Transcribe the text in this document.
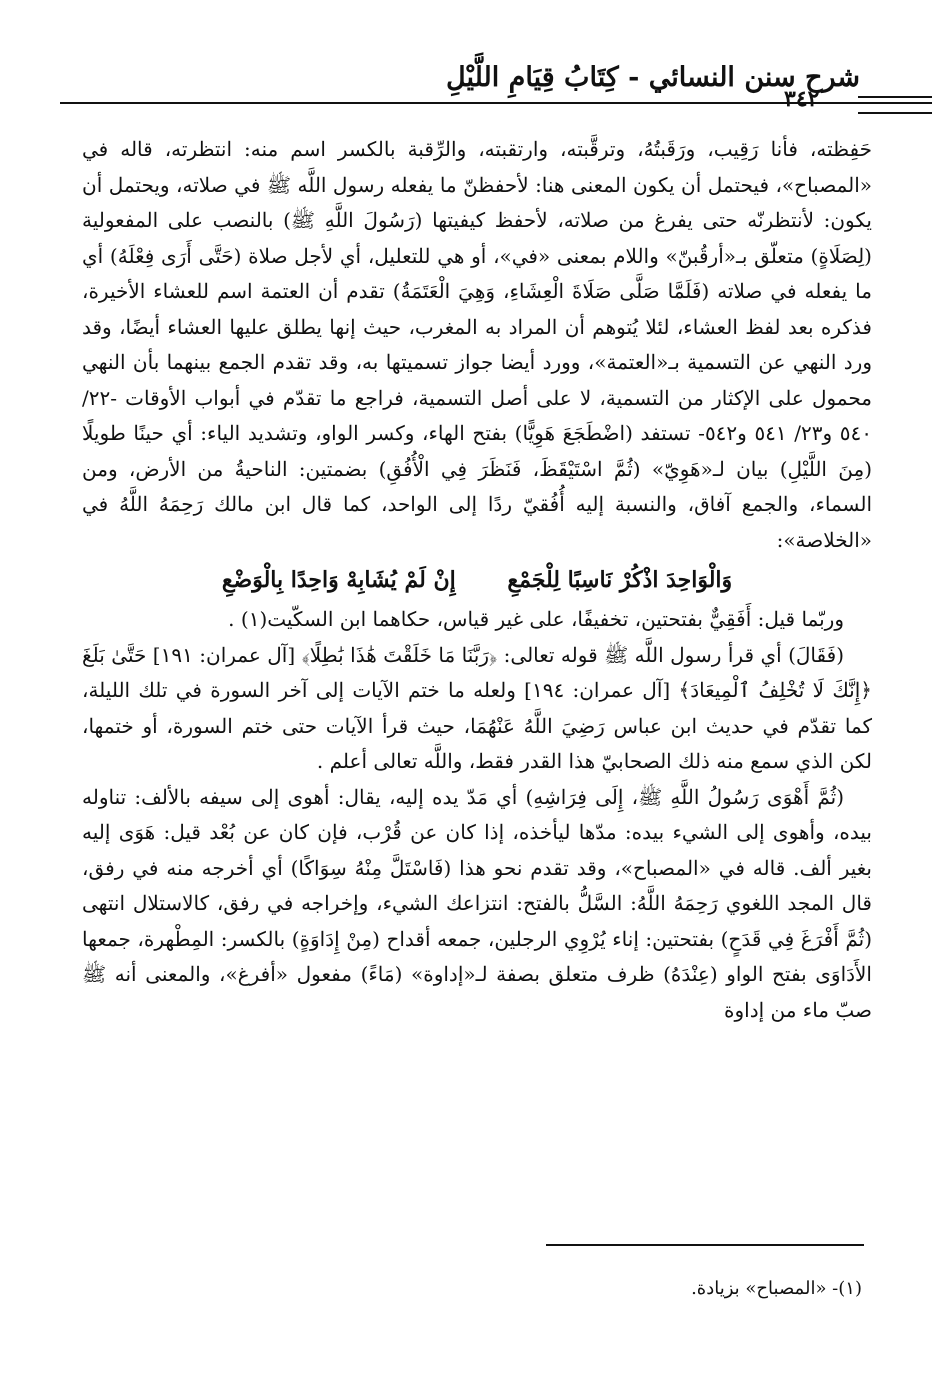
شرح سنن النسائي - كِتَابُ قِيَامِ اللَّيْلِ
٣٤٢

حَفِظته، فأنا رَقِيب، ورَقَبتُهُ، وترقَّبته، وارتقبته، والرِّقبة بالكسر اسم منه: انتظرته، قاله في «المصباح»، فيحتمل أن يكون المعنى هنا: لأحفظنّ ما يفعله رسول اللَّه ﷺ في صلاته، ويحتمل أن يكون: لأنتظرنّه حتى يفرغ من صلاته، لأحفظ كيفيتها (رَسُولَ اللَّهِ ﷺ) بالنصب على المفعولية (لِصَلَاةٍ) متعلّق بـ«أرقُبنّ» واللام بمعنى «في»، أو هي للتعليل، أي لأجل صلاة (حَتَّى أَرَى فِعْلَهُ) أي ما يفعله في صلاته (فَلَمَّا صَلَّى صَلَاةَ الْعِشَاءِ، وَهِيَ الْعَتَمَةُ) تقدم أن العتمة اسم للعشاء الأخيرة، فذكره بعد لفظ العشاء، لئلا يُتوهم أن المراد به المغرب، حيث إنها يطلق عليها العشاء أيضًا، وقد ورد النهي عن التسمية بـ«العتمة»، وورد أيضا جواز تسميتها به، وقد تقدم الجمع بينهما بأن النهي محمول على الإكثار من التسمية، لا على أصل التسمية، فراجع ما تقدّم في أبواب الأوقات -٢٢/ ٥٤٠ و٢٣/ ٥٤١ و٥٤٢- تستفد (اضْطَجَعَ هَوِيًّا) بفتح الهاء، وكسر الواو، وتشديد الياء: أي حينًا طويلًا (مِنَ اللَّيْلِ) بيان لـ«هَوِيّ» (ثُمَّ اسْتَيْقَظَ، فَنَظَرَ فِي الْأُفُقِ) بضمتين: الناحيةُ من الأرض، ومن السماء، والجمع آفاق، والنسبة إليه أُفُقيّ ردًا إلى الواحد، كما قال ابن مالك رَحِمَهُ اللَّهُ في «الخلاصة»:

وَالْوَاحِدَ اذْكُرْ نَاسِبًا لِلْجَمْعِ إِنْ لَمْ يُشَابِهْ وَاحِدًا بِالْوَضْعِ

وربّما قيل: أَفَقِيٌّ بفتحتين، تخفيفًا، على غير قياس، حكاهما ابن السكّيت(١) .

(فَقَالَ) أي قرأ رسول اللَّه ﷺ قوله تعالى: ﴿رَبَّنَا مَا خَلَقْتَ هَٰذَا بَٰطِلًا﴾ [آل عمران: ١٩١] حَتَّىٰ بَلَغَ ﴿إِنَّكَ لَا تُخْلِفُ ٱلْمِيعَادَ﴾ [آل عمران: ١٩٤] ولعله ما ختم الآيات إلى آخر السورة في تلك الليلة، كما تقدّم في حديث ابن عباس رَضِيَ اللَّهُ عَنْهُمَا، حيث قرأ الآيات حتى ختم السورة، أو ختمها، لكن الذي سمع منه ذلك الصحابيّ هذا القدر فقط، واللَّه تعالى أعلم .

(ثُمَّ أَهْوَى رَسُولُ اللَّهِ ﷺ، إِلَى فِرَاشِهِ) أي مَدّ يده إليه، يقال: أهوى إلى سيفه بالألف: تناوله بيده، وأهوى إلى الشيء بيده: مدّها ليأخذه، إذا كان عن قُرْب، فإن كان عن بُعْد قيل: هَوَى إليه بغير ألف. قاله في «المصباح»، وقد تقدم نحو هذا (فَاسْتَلَّ مِنْهُ سِوَاكًا) أي أخرجه منه في رفق، قال المجد اللغوي رَحِمَهُ اللَّهُ: السَّلُّ بالفتح: انتزاعك الشيء، وإخراجه في رفق، كالاستلال انتهى (ثُمَّ أَفْرَغَ فِي قَدَحٍ) بفتحتين: إناء يُرْوِي الرجلين، جمعه أقداح (مِنْ إِدَاوَةٍ) بالكسر: المِطْهرة، جمعها الأَدَاوَى بفتح الواو (عِنْدَهُ) ظرف متعلق بصفة لـ«إداوة» (مَاءً) مفعول «أفرغ»، والمعنى أنه ﷺ صبّ ماء من إداوة

(١)- «المصباح» بزيادة.
